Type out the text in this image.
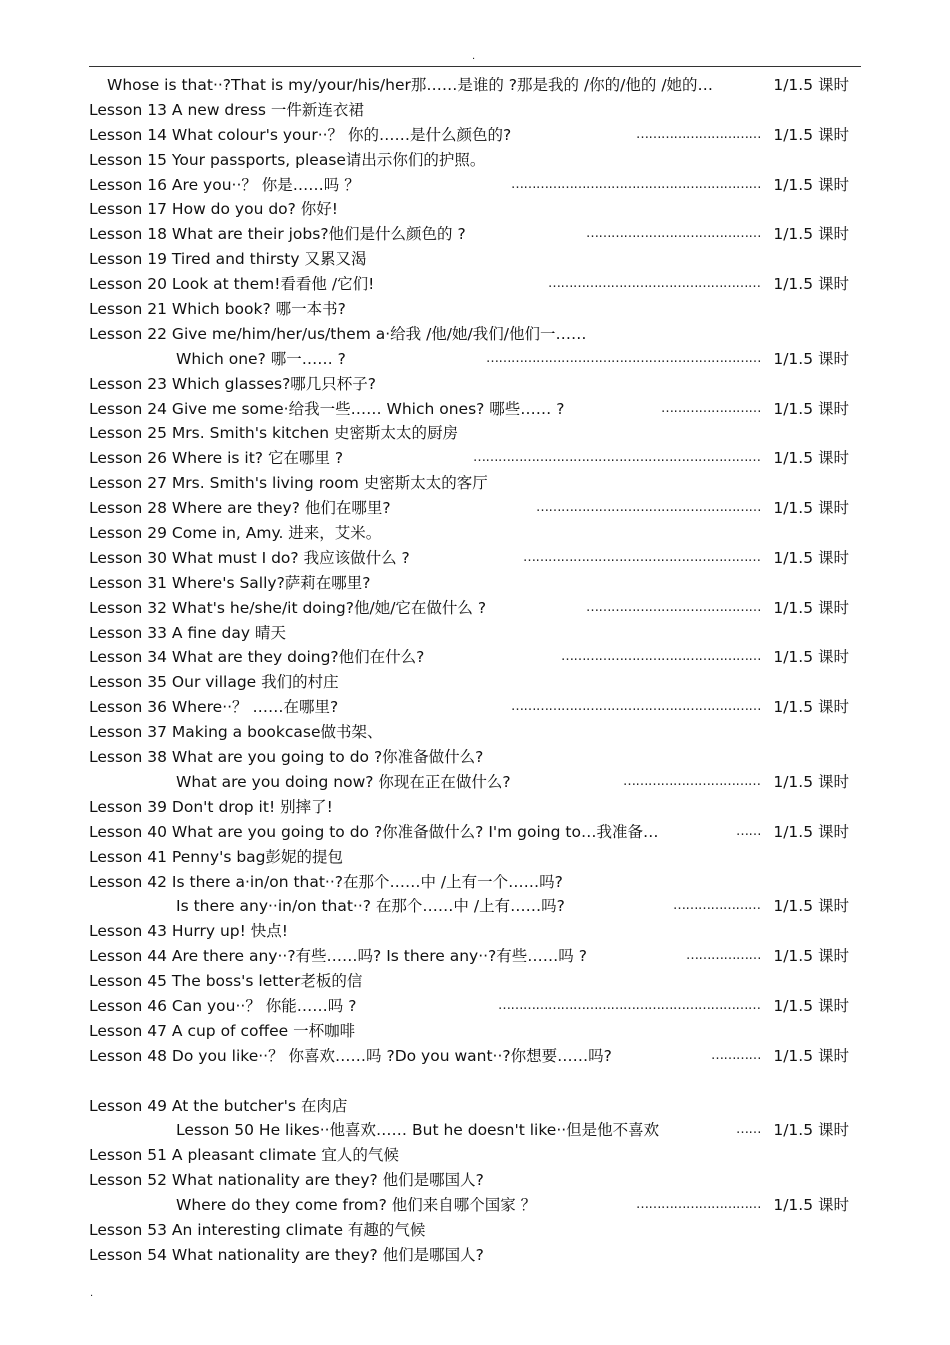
.
Whose is that··?That is my/your/his/her那……是谁的 ?那是我的 /你的/他的 /她的…	1/1.5 课时
Lesson 13 A new dress 一件新连衣裙
Lesson 14 What colour's your··？ 你的……是什么颜色的?	………………………… 1/1.5 课时
Lesson 15 Your passports, please请出示你们的护照。
Lesson 16 Are you··？ 你是……吗 ？	…………………………………………………… 1/1.5 课时
Lesson 17 How do you do? 你好!
Lesson 18 What are their jobs?他们是什么颜色的 ?	…………………………………… 1/1.5 课时
Lesson 19 Tired and thirsty 又累又渴
Lesson 20 Look at them!看看他 /它们!	…………………………………………… 1/1.5 课时
Lesson 21 Which book? 哪一本书?
Lesson 22 Give me/him/her/us/them a·给我 /他/她/我们/他们一……
Which one? 哪一…… ?	………………………………………………………… 1/1.5 课时
Lesson 23 Which glasses?哪几只杯子?
Lesson 24 Give me some·给我一些…… Which ones? 哪些…… ?	…………………… 1/1.5 课时
Lesson 25 Mrs. Smith's kitchen 史密斯太太的厨房
Lesson 26 Where is it? 它在哪里 ?	…………………………………………………………… 1/1.5 课时
Lesson 27 Mrs. Smith's living room 史密斯太太的客厅
Lesson 28 Where are they? 他们在哪里?	……………………………………………… 1/1.5 课时
Lesson 29 Come in, Amy. 进来，艾米。
Lesson 30 What must I do? 我应该做什么 ?	………………………………………………… 1/1.5 课时
Lesson 31 Where's Sally?萨莉在哪里?
Lesson 32 What's he/she/it doing?他/她/它在做什么 ?	…………………………………… 1/1.5 课时
Lesson 33 A fine day 晴天
Lesson 34 What are they doing?他们在什么?	………………………………………… 1/1.5 课时
Lesson 35 Our village 我们的村庄
Lesson 36 Where··？ ……在哪里?	…………………………………………………… 1/1.5 课时
Lesson 37 Making a bookcase做书架、
Lesson 38 What are you going to do ?你准备做什么?
What are you doing now? 你现在正在做什么?	…………………………… 1/1.5 课时
Lesson 39 Don't drop it! 别摔了!
Lesson 40 What are you going to do ?你准备做什么? I'm going to…我准备…	…… 1/1.5 课时
Lesson 41 Penny's bag彭妮的提包
Lesson 42 Is there a·in/on that··?在那个……中 /上有一个……吗?
Is there any··in/on that··? 在那个……中 /上有……吗?	………………… 1/1.5 课时
Lesson 43 Hurry up! 快点!
Lesson 44 Are there any··?有些……吗? Is there any··?有些……吗 ?	……………… 1/1.5 课时
Lesson 45 The boss's letter老板的信
Lesson 46 Can you··？ 你能……吗 ?	……………………………………………………… 1/1.5 课时
Lesson 47 A cup of coffee 一杯咖啡
Lesson 48 Do you like··？ 你喜欢……吗 ?Do you want··?你想要……吗?	………… 1/1.5 课时
Lesson 49 At the butcher's 在肉店
Lesson 50 He likes··他喜欢…… But he doesn't like··但是他不喜欢	…… 1/1.5 课时
Lesson 51 A pleasant climate 宜人的气候
Lesson 52 What nationality are they? 他们是哪国人?
Where do they come from? 他们来自哪个国家 ？	………………………… 1/1.5 课时
Lesson 53 An interesting climate 有趣的气候
Lesson 54 What nationality are they? 他们是哪国人?
.
